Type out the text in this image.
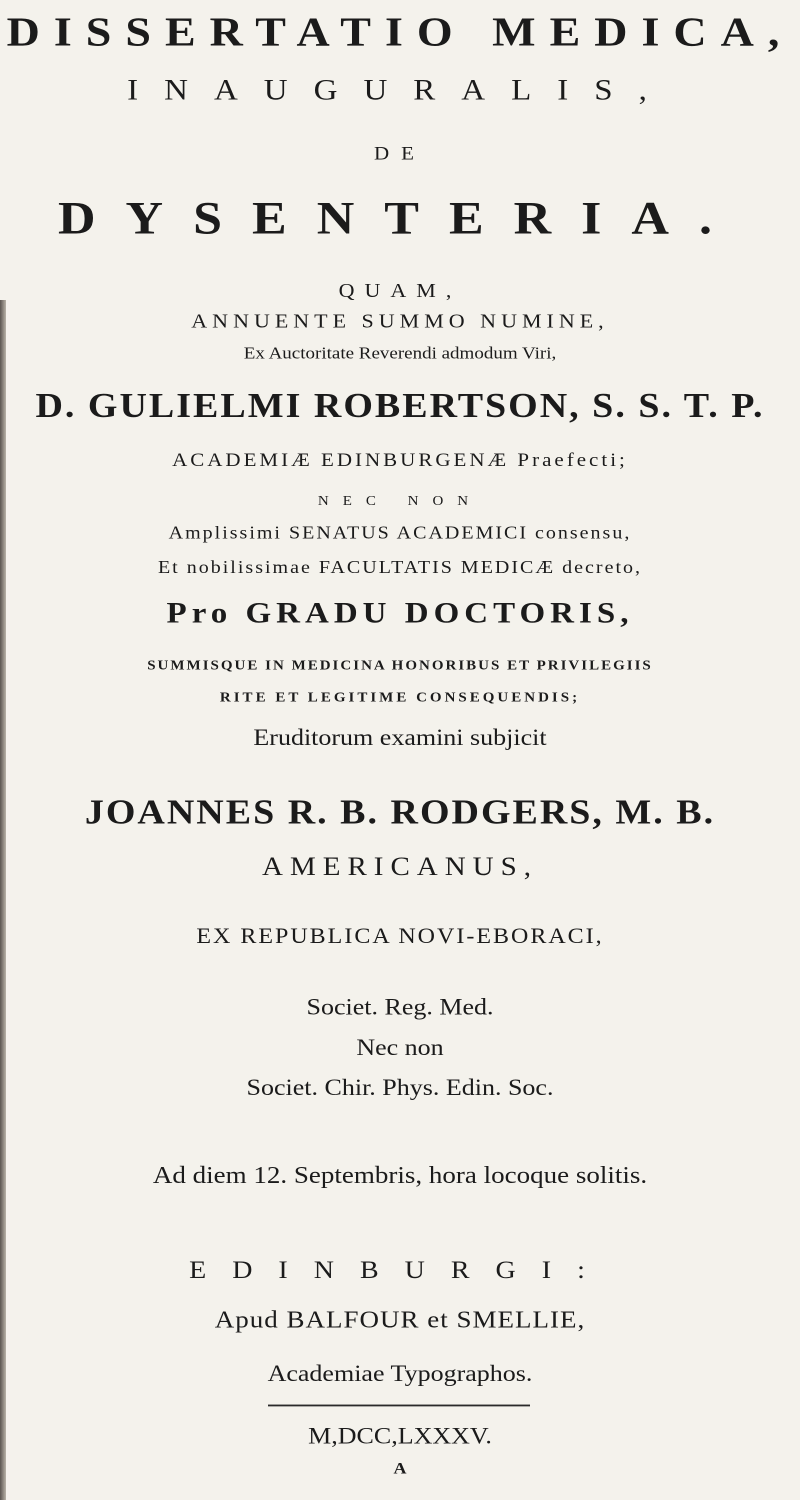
DISSERTATIO MEDICA,
INAUGURALIS,
DE
DYSENTERIA.
QUAM,
ANNUENTE SUMMO NUMINE,
Ex Auctoritate Reverendi admodum Viri,
D. GULIELMI ROBERTSON, S. S. T. P.
ACADEMIÆ EDINBURGENÆ Praefecti;
NEC NON
Amplissimi SENATUS ACADEMICI consensu,
Et nobilissimae FACULTATIS MEDICÆ decreto,
Pro GRADU DOCTORIS,
SUMMISQUE IN MEDICINA HONORIBUS ET PRIVILEGIIS
RITE ET LEGITIME CONSEQUENDIS;
Eruditorum examini subjicit
JOANNES R. B. RODGERS, M. B.
AMERICANUS,
EX REPUBLICA NOVI-EBORACI,
Societ. Reg. Med.
Nec non
Societ. Chir. Phys. Edin. Soc.
Ad diem 12. Septembris, hora locoque solitis.
EDINBURGI:
Apud BALFOUR et SMELLIE,
Academiae Typographos.
M,DCC,LXXXV.
A
